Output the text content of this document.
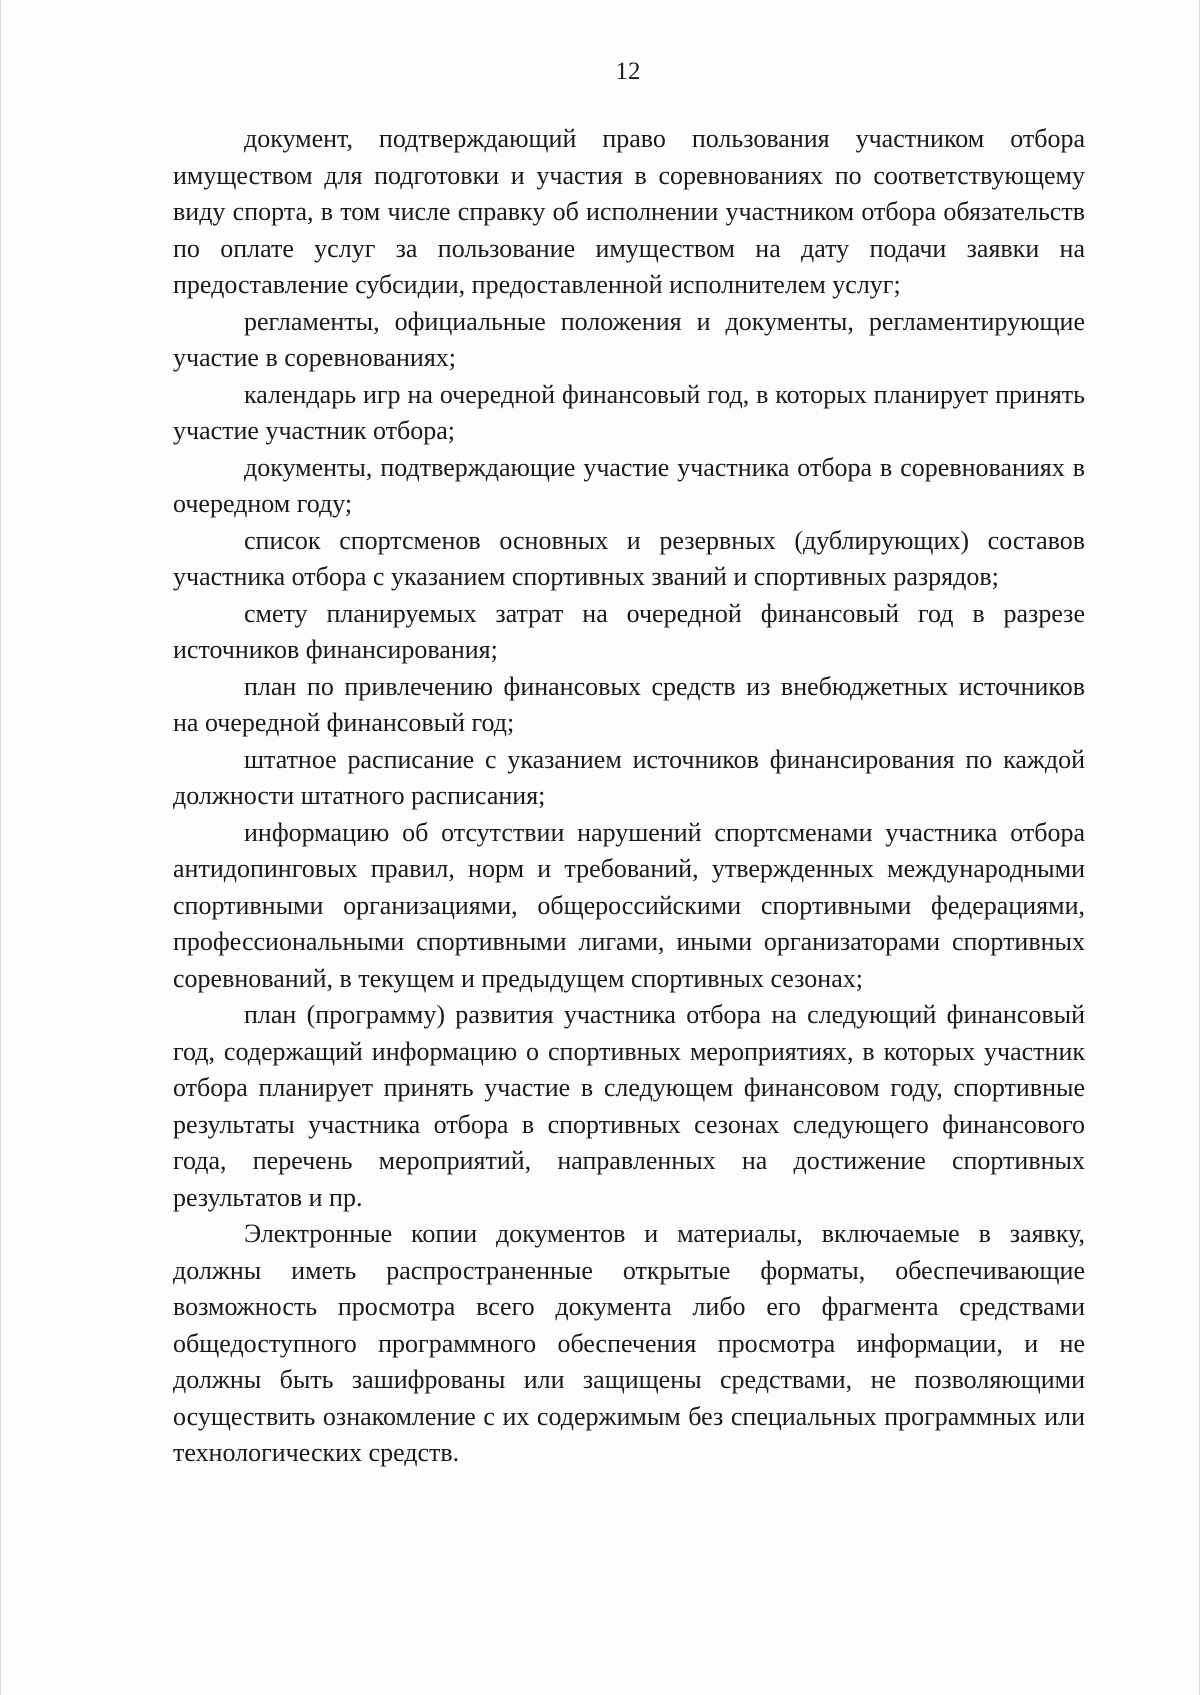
12

документ, подтверждающий право пользования участником отбора имуществом для подготовки и участия в соревнованиях по соответствующему виду спорта, в том числе справку об исполнении участником отбора обязательств по оплате услуг за пользование имуществом на дату подачи заявки на предоставление субсидии, предоставленной исполнителем услуг;

регламенты, официальные положения и документы, регламентирующие участие в соревнованиях;

календарь игр на очередной финансовый год, в которых планирует принять участие участник отбора;

документы, подтверждающие участие участника отбора в соревнованиях в очередном году;

список спортсменов основных и резервных (дублирующих) составов участника отбора с указанием спортивных званий и спортивных разрядов;

смету планируемых затрат на очередной финансовый год в разрезе источников финансирования;

план по привлечению финансовых средств из внебюджетных источников на очередной финансовый год;

штатное расписание с указанием источников финансирования по каждой должности штатного расписания;

информацию об отсутствии нарушений спортсменами участника отбора антидопинговых правил, норм и требований, утвержденных международными спортивными организациями, общероссийскими спортивными федерациями, профессиональными спортивными лигами, иными организаторами спортивных соревнований, в текущем и предыдущем спортивных сезонах;

план (программу) развития участника отбора на следующий финансовый год, содержащий информацию о спортивных мероприятиях, в которых участник отбора планирует принять участие в следующем финансовом году, спортивные результаты участника отбора в спортивных сезонах следующего финансового года, перечень мероприятий, направленных на достижение спортивных результатов и пр.

Электронные копии документов и материалы, включаемые в заявку, должны иметь распространенные открытые форматы, обеспечивающие возможность просмотра всего документа либо его фрагмента средствами общедоступного программного обеспечения просмотра информации, и не должны быть зашифрованы или защищены средствами, не позволяющими осуществить ознакомление с их содержимым без специальных программных или технологических средств.
